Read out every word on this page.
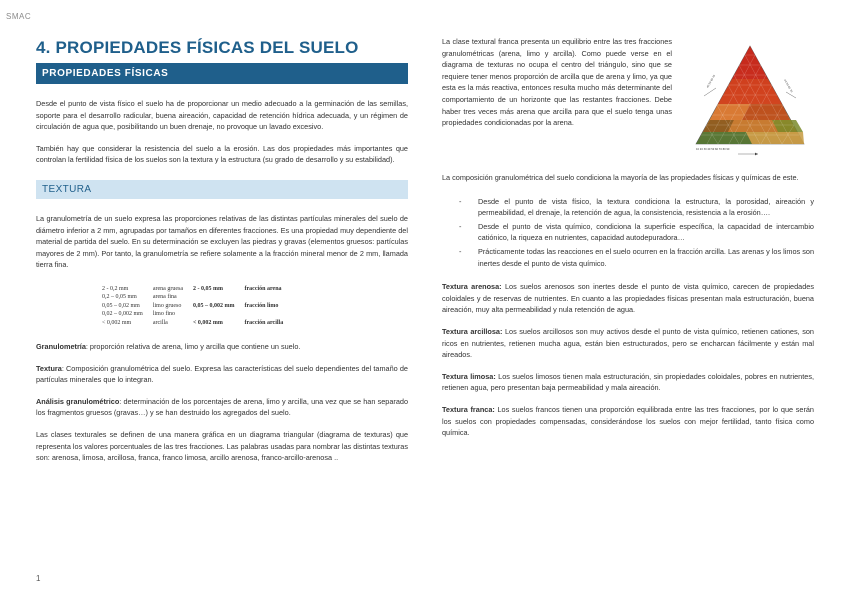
SMAC
4. PROPIEDADES FÍSICAS DEL SUELO
PROPIEDADES FÍSICAS

Desde el punto de vista físico el suelo ha de proporcionar un medio adecuado a la germinación de las semillas, soporte para el desarrollo radicular, buena aireación, capacidad de retención hídrica adecuada, y un régimen de circulación de agua que, posibilitando un buen drenaje, no provoque un lavado excesivo.

También hay que considerar la resistencia del suelo a la erosión. Las dos propiedades más importantes que controlan la fertilidad física de los suelos son la textura y la estructura (su grado de desarrollo y su estabilidad).

TEXTURA

La granulometría de un suelo expresa las proporciones relativas de las distintas partículas minerales del suelo de diámetro inferior a 2 mm, agrupadas por tamaños en diferentes fracciones. Es una propiedad muy dependiente del material de partida del suelo. En su determinación se excluyen las piedras y gravas (elementos gruesos: partículas mayores de 2 mm). Por tanto, la granulometría se refiere solamente a la fracción mineral menor de 2 mm, llamada tierra fina.

2 - 0,2 mm	arena gruesa	2 - 0,05 mm	fracción arena
0,2 – 0,05 mm	arena fina		
0,05 – 0,02 mm	limo grueso	0,05 – 0,002 mm	fracción limo
0,02 – 0,002 mm	limo fino		
< 0,002 mm	arcilla	< 0,002 mm	fracción arcilla

Granulometría: proporción relativa de arena, limo y arcilla que contiene un suelo.

Textura: Composición granulométrica del suelo. Expresa las características del suelo dependientes del tamaño de partículas minerales que lo integran.

Análisis granulométrico: determinación de los porcentajes de arena, limo y arcilla, una vez que se han separado los fragmentos gruesos (gravas…) y se han destruido los agregados del suelo.

Las clases texturales se definen de una manera gráfica en un diagrama triangular (diagrama de texturas) que representa los valores porcentuales de las tres fracciones. Las palabras usadas para nombrar las distintas texturas son: arenosa, limosa, arcillosa, franca, franco limosa, arcillo arenosa, franco-arcillo-arenosa ..

La clase textural franca presenta un equilibrio entre las tres fracciones granulométricas (arena, limo y arcilla). Como puede verse en el diagrama de texturas no ocupa el centro del triángulo, sino que se requiere tener menos proporción de arcilla que de arena y limo, ya que esta es la más reactiva, entonces resulta mucho más determinante del comportamiento de un horizonte que las restantes fracciones. Debe haber tres veces más arena que arcilla para que el suelo tenga unas propiedades condicionadas por la arena.

10 20 30 40 50 60 70 80 90
40 50 60 70	40 50 60 70

La composición granulométrica del suelo condiciona la mayoría de las propiedades físicas y químicas de este.

- Desde el punto de vista físico, la textura condiciona la estructura, la porosidad, aireación y permeabilidad, el drenaje, la retención de agua, la consistencia, resistencia a la erosión….
- Desde el punto de vista químico, condiciona la superficie específica, la capacidad de intercambio catiónico, la riqueza en nutrientes, capacidad autodepuradora…
- Prácticamente todas las reacciones en el suelo ocurren en la fracción arcilla. Las arenas y los limos son inertes desde el punto de vista químico.

Textura arenosa: Los suelos arenosos son inertes desde el punto de vista químico, carecen de propiedades coloidales y de reservas de nutrientes. En cuanto a las propiedades físicas presentan mala estructuración, buena aireación, muy alta permeabilidad y nula retención de agua.

Textura arcillosa: Los suelos arcillosos son muy activos desde el punto de vista químico, retienen cationes, son ricos en nutrientes, retienen mucha agua, están bien estructurados, pero se encharcan fácilmente y están mal aireados.

Textura limosa: Los suelos limosos tienen mala estructuración, sin propiedades coloidales, pobres en nutrientes, retienen agua, pero presentan baja permeabilidad y mala aireación.

Textura franca: Los suelos francos tienen una proporción equilibrada entre las tres fracciones, por lo que serán los suelos con propiedades compensadas, considerándose los suelos con mejor fertilidad, tanto física como química.

1
